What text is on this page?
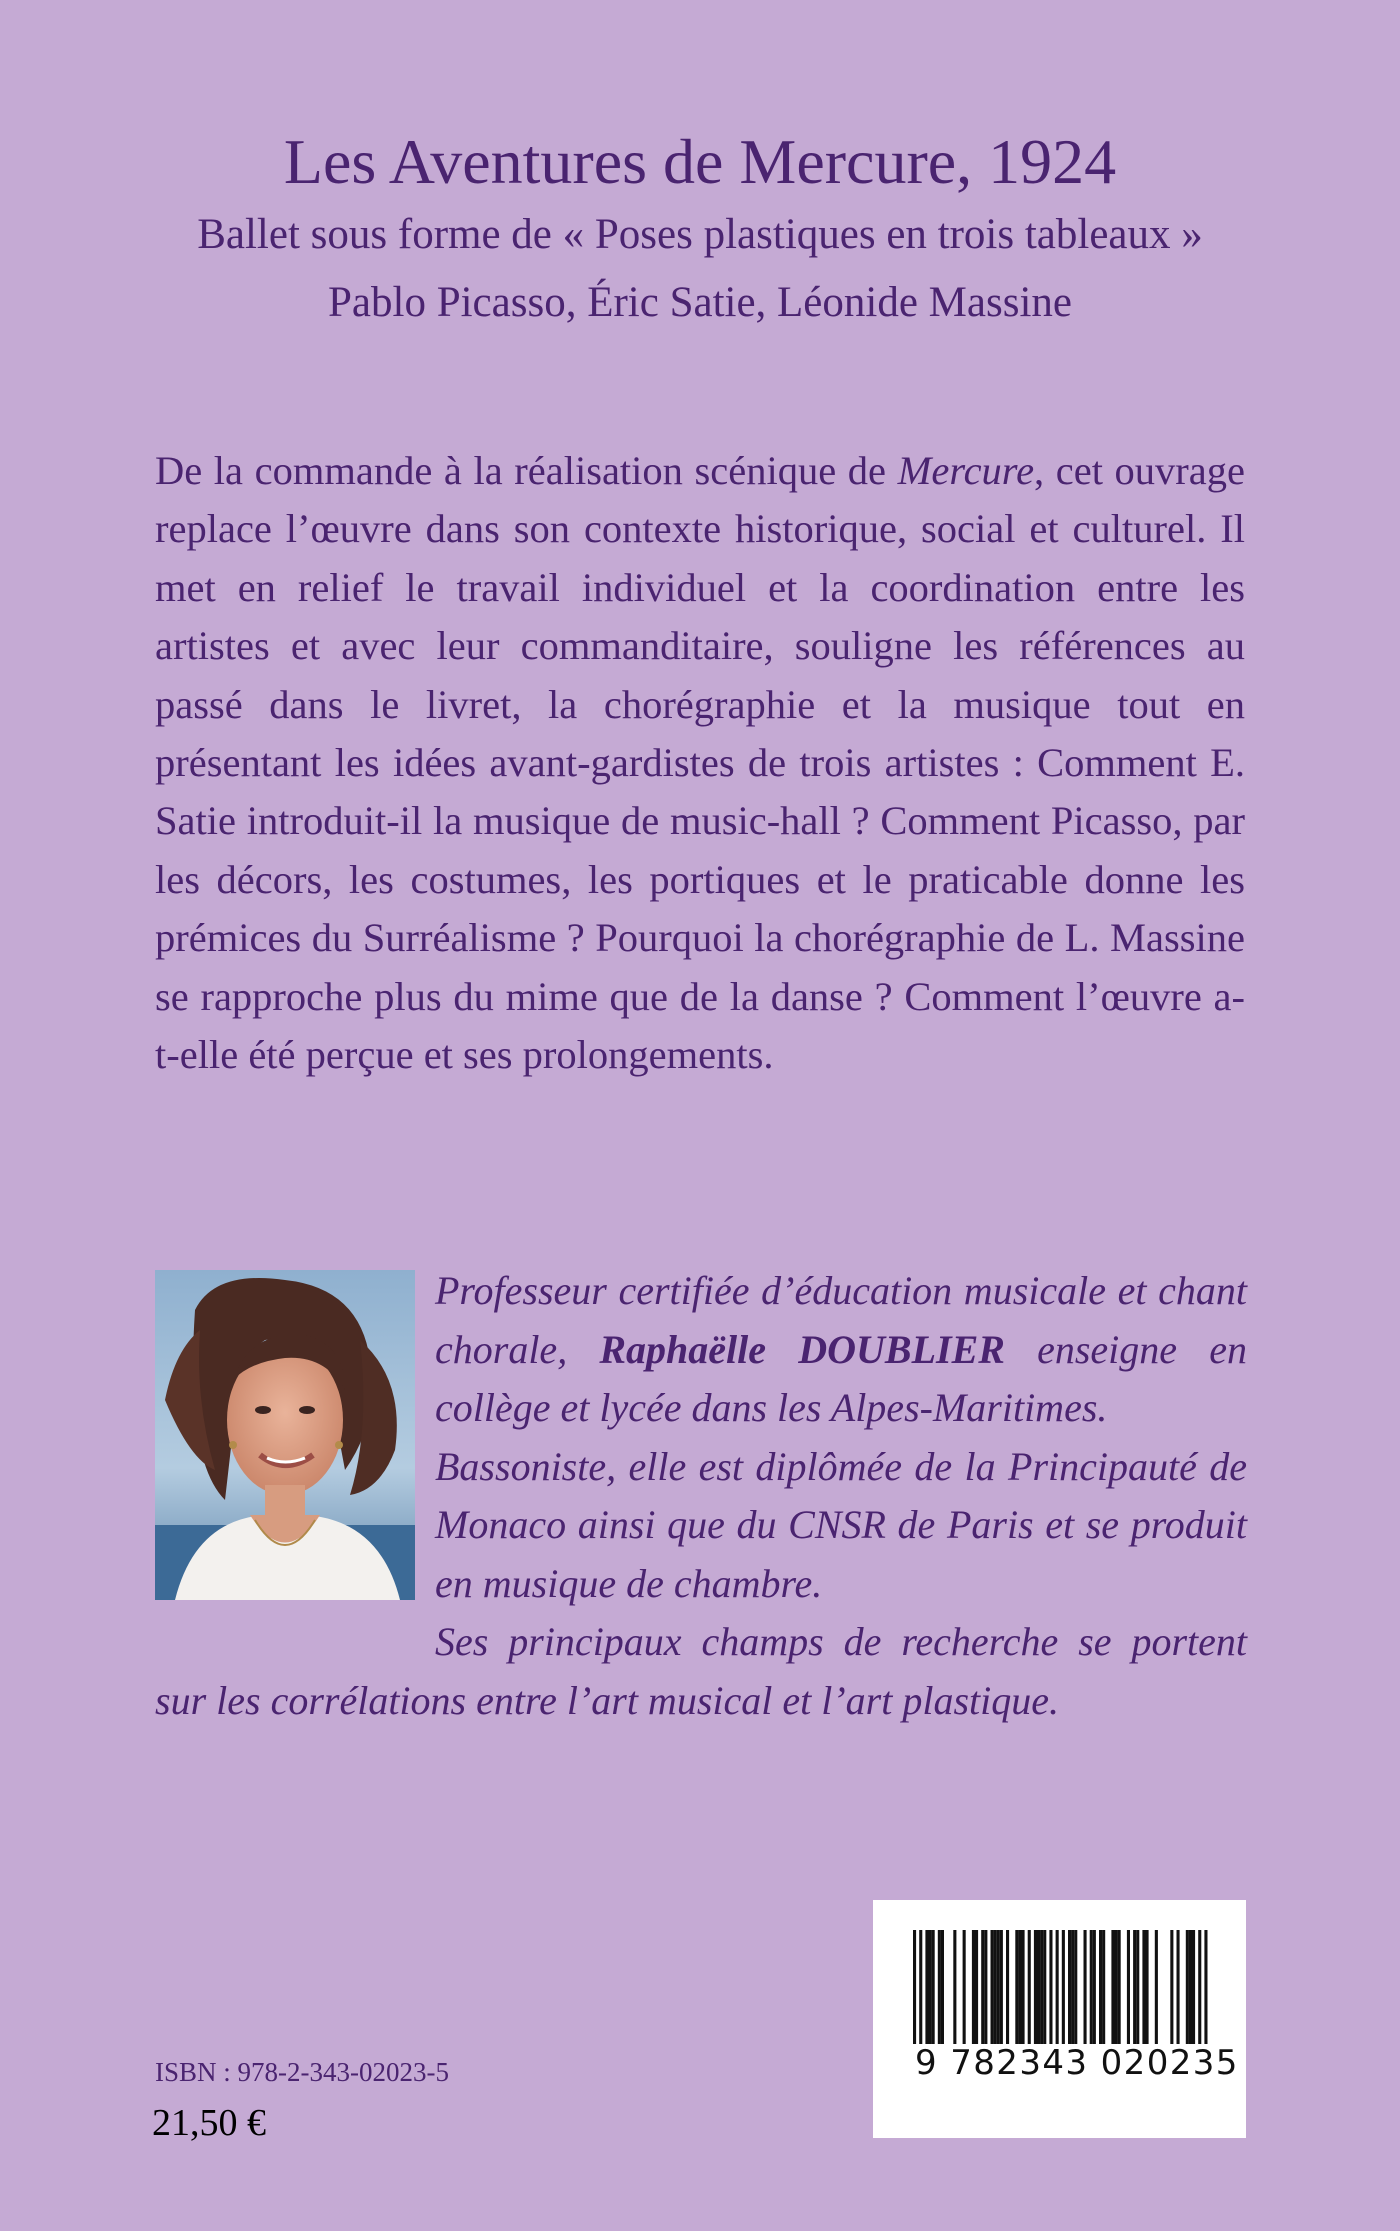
Les Aventures de Mercure, 1924
Ballet sous forme de « Poses plastiques en trois tableaux »
Pablo Picasso, Éric Satie, Léonide Massine
De la commande à la réalisation scénique de Mercure, cet ouvrage replace l’œuvre dans son contexte historique, social et culturel. Il met en relief le travail individuel et la coordination entre les artistes et avec leur commanditaire, souligne les références au passé dans le livret, la chorégraphie et la musique tout en présentant les idées avant-gardistes de trois artistes : Comment E. Satie introduit-il la musique de music-hall ? Comment Picasso, par les décors, les costumes, les portiques et le praticable donne les prémices du Surréalisme ? Pourquoi la chorégraphie de L. Massine se rapproche plus du mime que de la danse ? Comment l’œuvre a-t-elle été perçue et ses prolongements.

Professeur certifiée d’éducation musicale et chant chorale, Raphaëlle DOUBLIER enseigne en collège et lycée dans les Alpes-Maritimes.

Bassoniste, elle est diplômée de la Principauté de Monaco ainsi que du CNSR de Paris et se produit en musique de chambre.

Ses principaux champs de recherche se portent sur les corrélations entre l’art musical et l’art plastique.

ISBN : 978-2-343-02023-5
21,50 €
9 782343 020235
